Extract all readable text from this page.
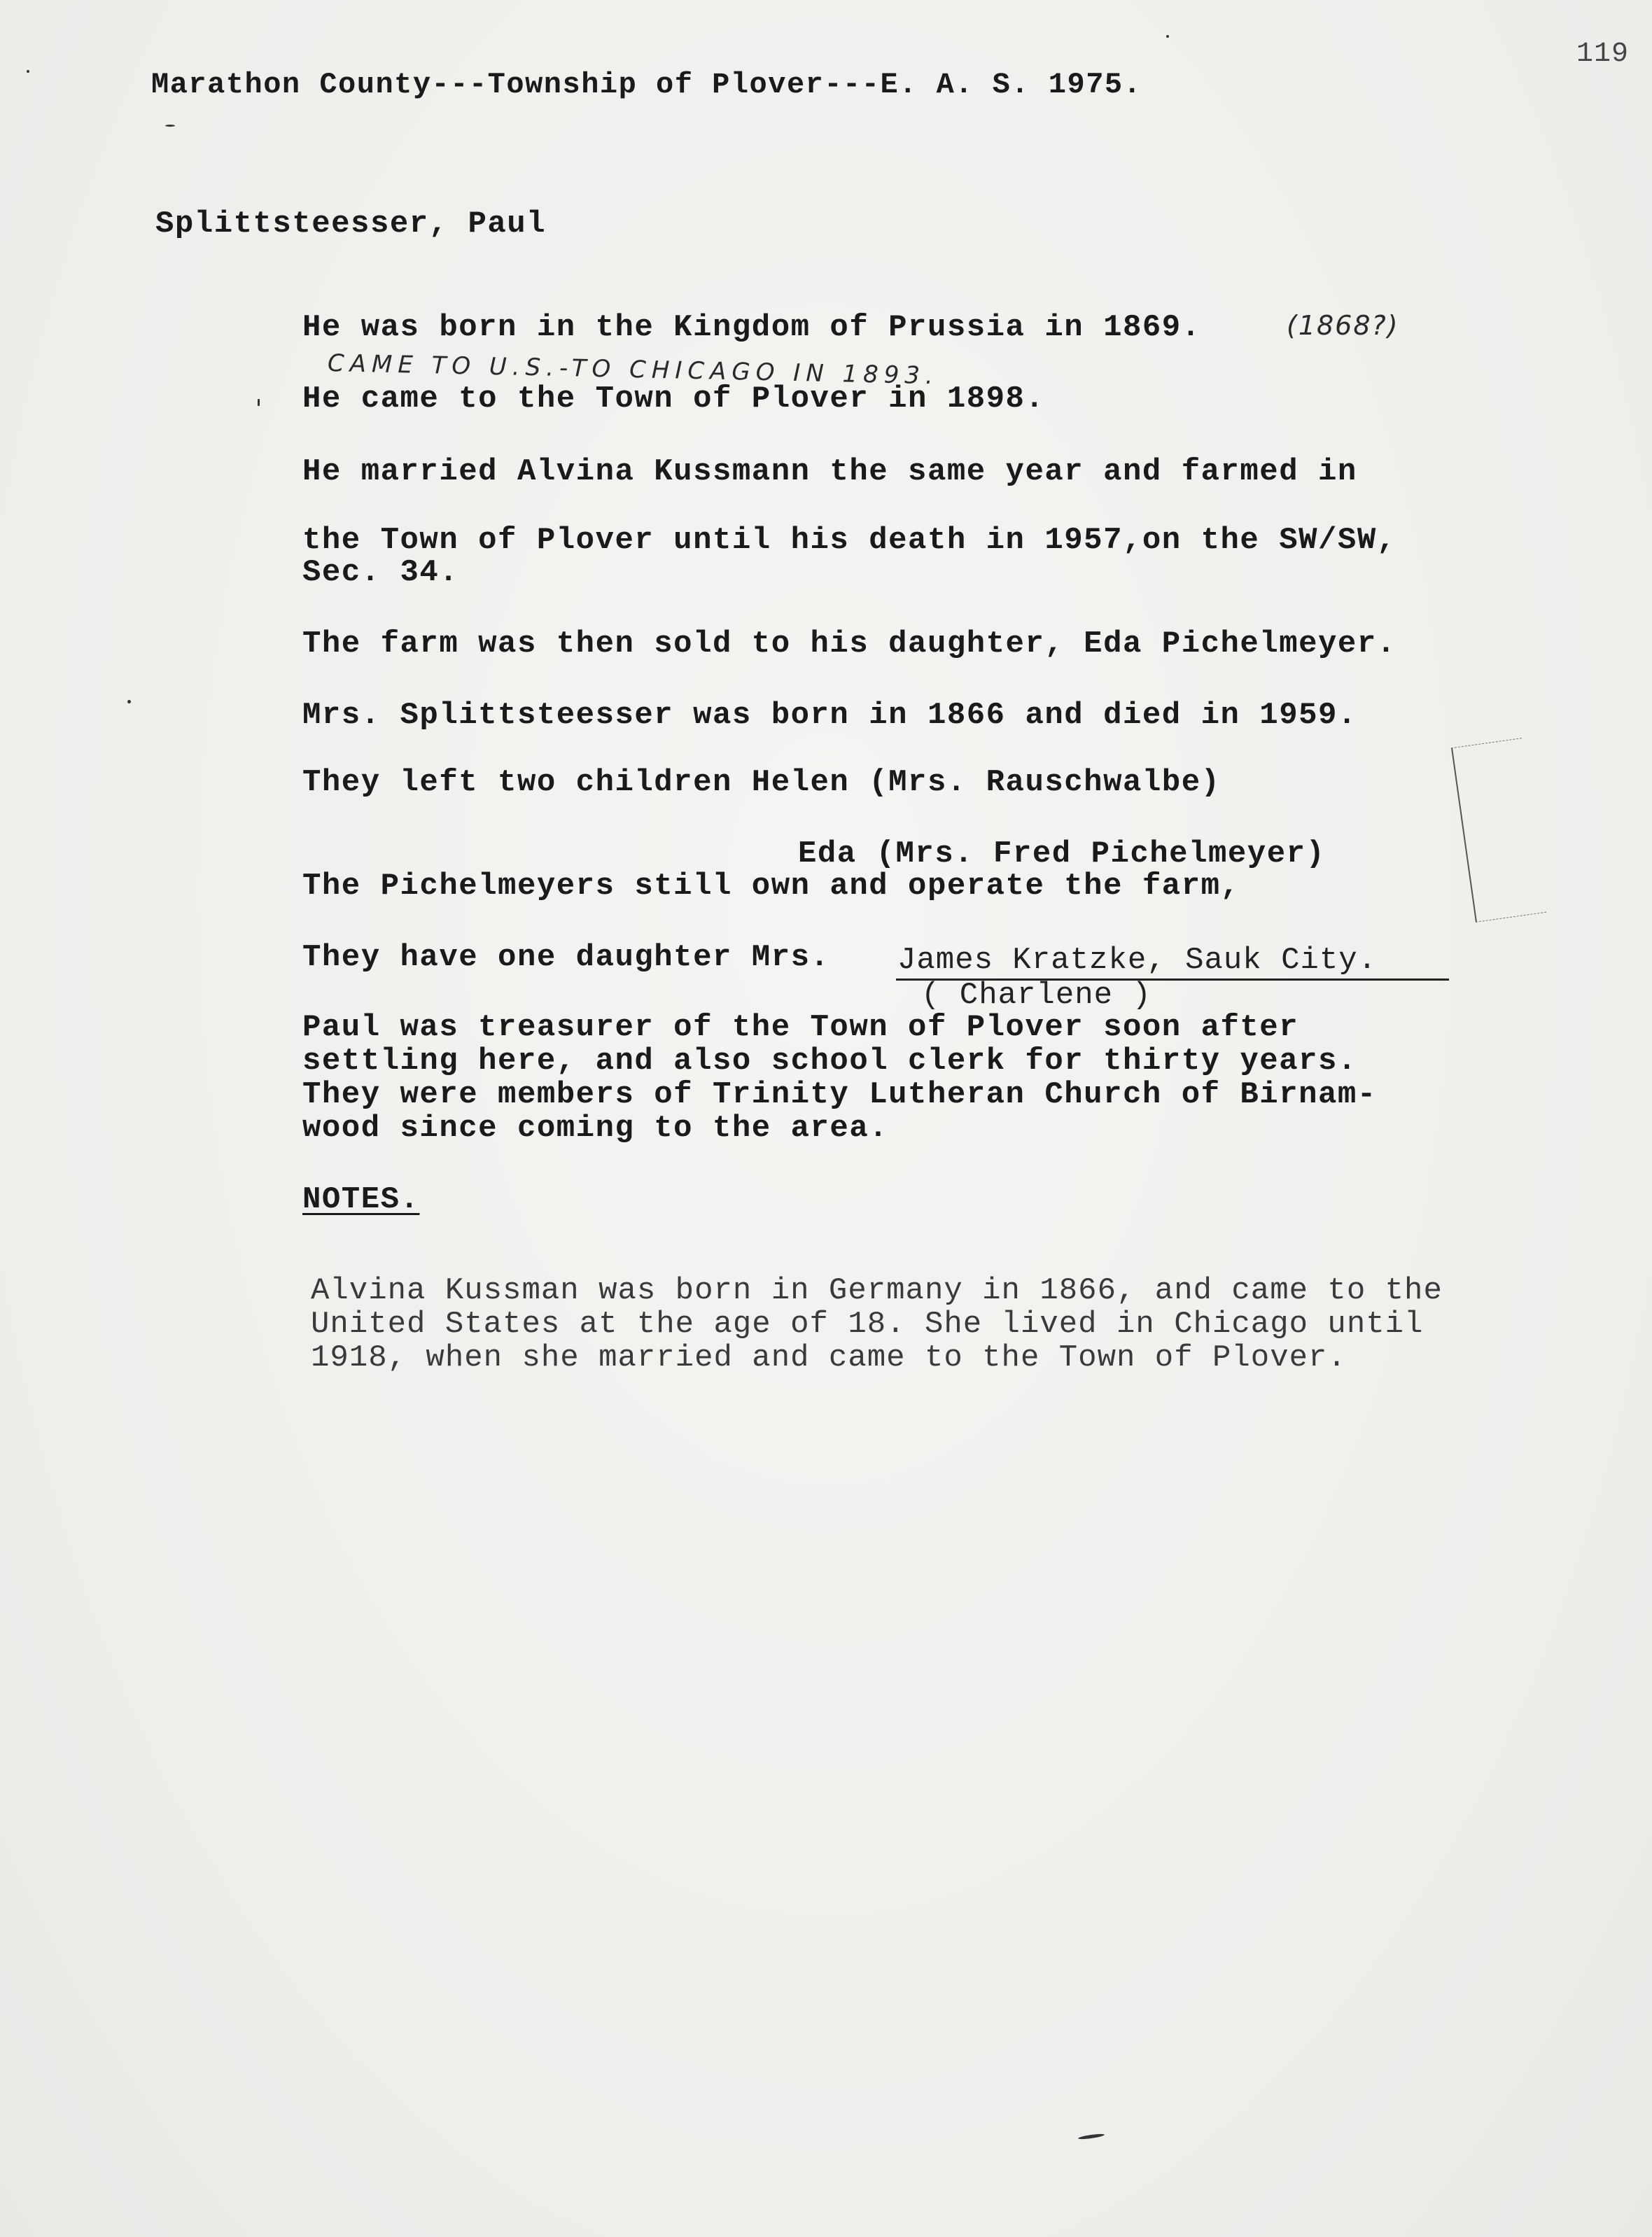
119
Marathon County---Township of Plover---E. A. S. 1975.
Splittsteesser, Paul
He was born in the Kingdom of Prussia in 1869.	(1868?)
CAME TO U.S.-TO CHICAGO IN 1893.
He came to the Town of Plover in 1898.
He married Alvina Kussmann the same year and farmed in
the Town of Plover until his death in 1957,on the SW/SW,
Sec. 34.
The farm was then sold to his daughter, Eda Pichelmeyer.
Mrs. Splittsteesser was born in 1866 and died in 1959.
They left two children Helen (Mrs. Rauschwalbe)
Eda (Mrs. Fred Pichelmeyer)
The Pichelmeyers still own and operate the farm,
They have one daughter Mrs. James Kratzke, Sauk City.
( Charlene )
Paul was treasurer of the Town of Plover soon after
settling here, and also school clerk for thirty years.
They were members of Trinity Lutheran Church of Birnam-
wood since coming to the area.
NOTES.
Alvina Kussman was born in Germany in 1866, and came to the
United States at the age of 18. She lived in Chicago until
1918, when she married and came to the Town of Plover.
